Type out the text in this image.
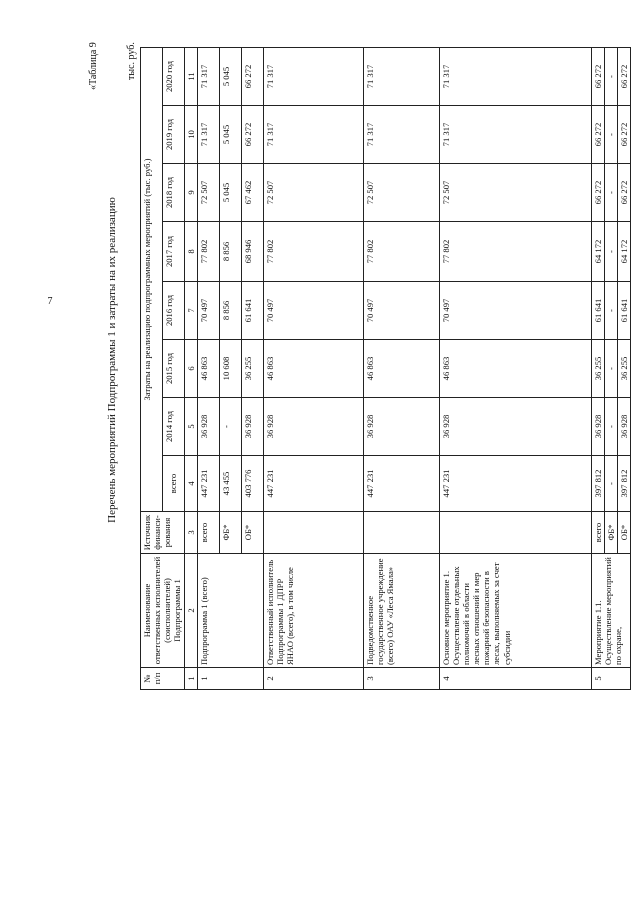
7	Перечень мероприятий Подпрограммы 1 и затраты на их реализацию
«Таблица 9	тыс. руб.
№ п/п	Наименование ответственных исполнителей (соисполнителей) Подпрограммы 1	Источник финанси- рования	Затраты на реализацию подпрограммных мероприятий (тыс. руб.)							
			всего	2014 год	2015 год	2016 год	2017 год	2018 год	2019 год	2020 год
1	2	3	4	5	6	7	8	9	10	11
1	Подпрограмма 1 (всего)	всего	447 231	36 928	46 863	70 497	77 802	72 507	71 317	71 317
		ФБ*	43 455	-	10 608	8 856	8 856	5 045	5 045	5 045
		ОБ*	403 776	36 928	36 255	61 641	68 946	67 462	66 272	66 272
2	Ответственный исполнитель Подпрограммы 1 ДПРР ЯНАО (всего), в том числе		447 231	36 928	46 863	70 497	77 802	72 507	71 317	71 317
3	Подведомственное государственное учреждение (всего) ОАУ «Леса Ямала»		447 231	36 928	46 863	70 497	77 802	72 507	71 317	71 317
4	Основное мероприятие 1. Осуществление отдельных полномочий в области лесных отношений и мер пожарной безопасности в лесах, выполняемых за счет субсидии		447 231	36 928	46 863	70 497	77 802	72 507	71 317	71 317
5	Мероприятие 1.1. Осуществление мероприятий по охране,	всего	397 812	36 928	36 255	61 641	64 172	66 272	66 272	66 272
		ФБ*	-	-	-	-	-	-	-	-
		ОБ*	397 812	36 928	36 255	61 641	64 172	66 272	66 272	66 272
